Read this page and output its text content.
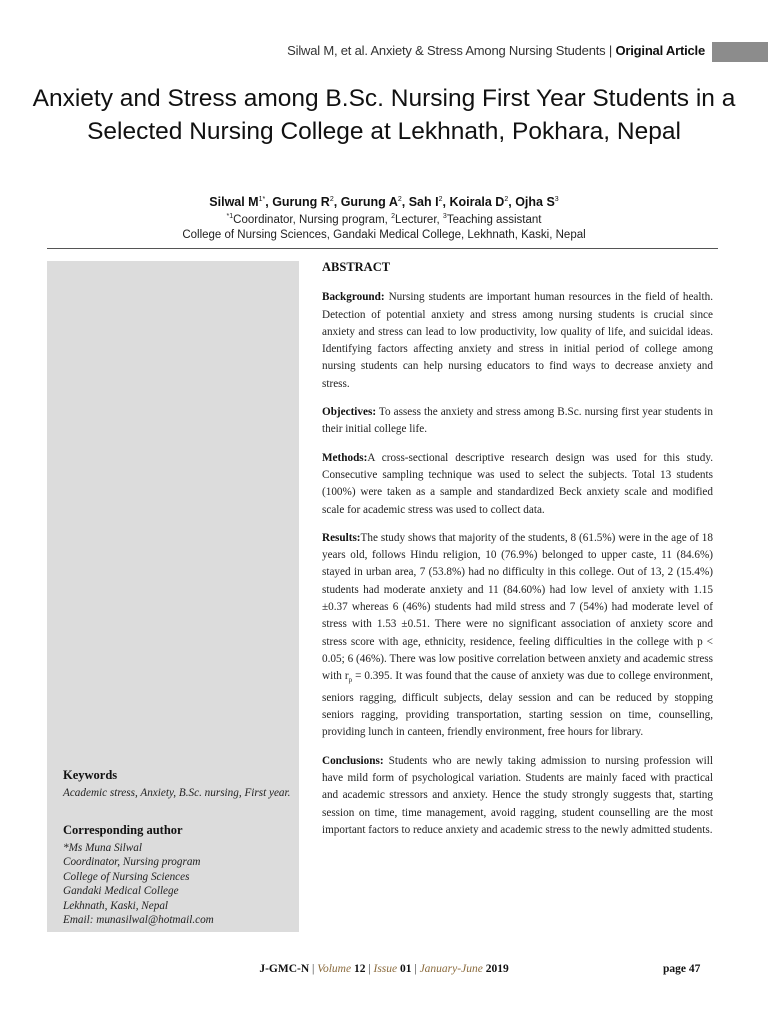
Silwal M, et al. Anxiety & Stress Among Nursing Students | Original Article
Anxiety and Stress among B.Sc. Nursing First Year Students in a Selected Nursing College at Lekhnath, Pokhara, Nepal
Silwal $M^{1*}$, Gurung $R^2$, Gurung $A^2$, Sah $I^2$, Koirala $D^2$, Ojha $S^3$
$^{*1}$Coordinator, Nursing program, $^2$Lecturer, $^3$Teaching assistant
College of Nursing Sciences, Gandaki Medical College, Lekhnath, Kaski, Nepal
Keywords
Academic stress, Anxiety, B.Sc. nursing, First year.
Corresponding author
*Ms Muna Silwal
Coordinator, Nursing program
College of Nursing Sciences
Gandaki Medical College
Lekhnath, Kaski, Nepal
Email: munasilwal@hotmail.com
ABSTRACT

Background: Nursing students are important human resources in the field of health. Detection of potential anxiety and stress among nursing students is crucial since anxiety and stress can lead to low productivity, low quality of life, and suicidal ideas. Identifying factors affecting anxiety and stress in initial period of college among nursing students can help nursing educators to find ways to decrease anxiety and stress.

Objectives: To assess the anxiety and stress among B.Sc. nursing first year students in their initial college life.

Methods:A cross-sectional descriptive research design was used for this study. Consecutive sampling technique was used to select the subjects. Total 13 students (100%) were taken as a sample and standardized Beck anxiety scale and modified scale for academic stress was used to collect data.

Results:The study shows that majority of the students, 8 (61.5%) were in the age of 18 years old, follows Hindu religion, 10 (76.9%) belonged to upper caste, 11 (84.6%) stayed in urban area, 7 (53.8%) had no difficulty in this college. Out of 13, 2 (15.4%) students had moderate anxiety and 11 (84.60%) had low level of anxiety with 1.15 ±0.37 whereas 6 (46%) students had mild stress and 7 (54%) had moderate level of stress with 1.53 ±0.51. There were no significant association of anxiety score and stress score with age, ethnicity, residence, feeling difficulties in the college with p < 0.05; 6 (46%). There was low positive correlation between anxiety and academic stress with $r_p = 0.395$. It was found that the cause of anxiety was due to college environment, seniors ragging, difficult subjects, delay session and can be reduced by stopping seniors ragging, providing transportation, starting session on time, counselling, providing lunch in canteen, friendly environment, free hours for library.

Conclusions: Students who are newly taking admission to nursing profession will have mild form of psychological variation. Students are mainly faced with practical and academic stressors and anxiety. Hence the study strongly suggests that, starting session on time, time management, avoid ragging, student counselling are the most important factors to reduce anxiety and academic stress to the newly admitted students.

J-GMC-N | Volume 12 | Issue 01 | January-June 2019	page 47
